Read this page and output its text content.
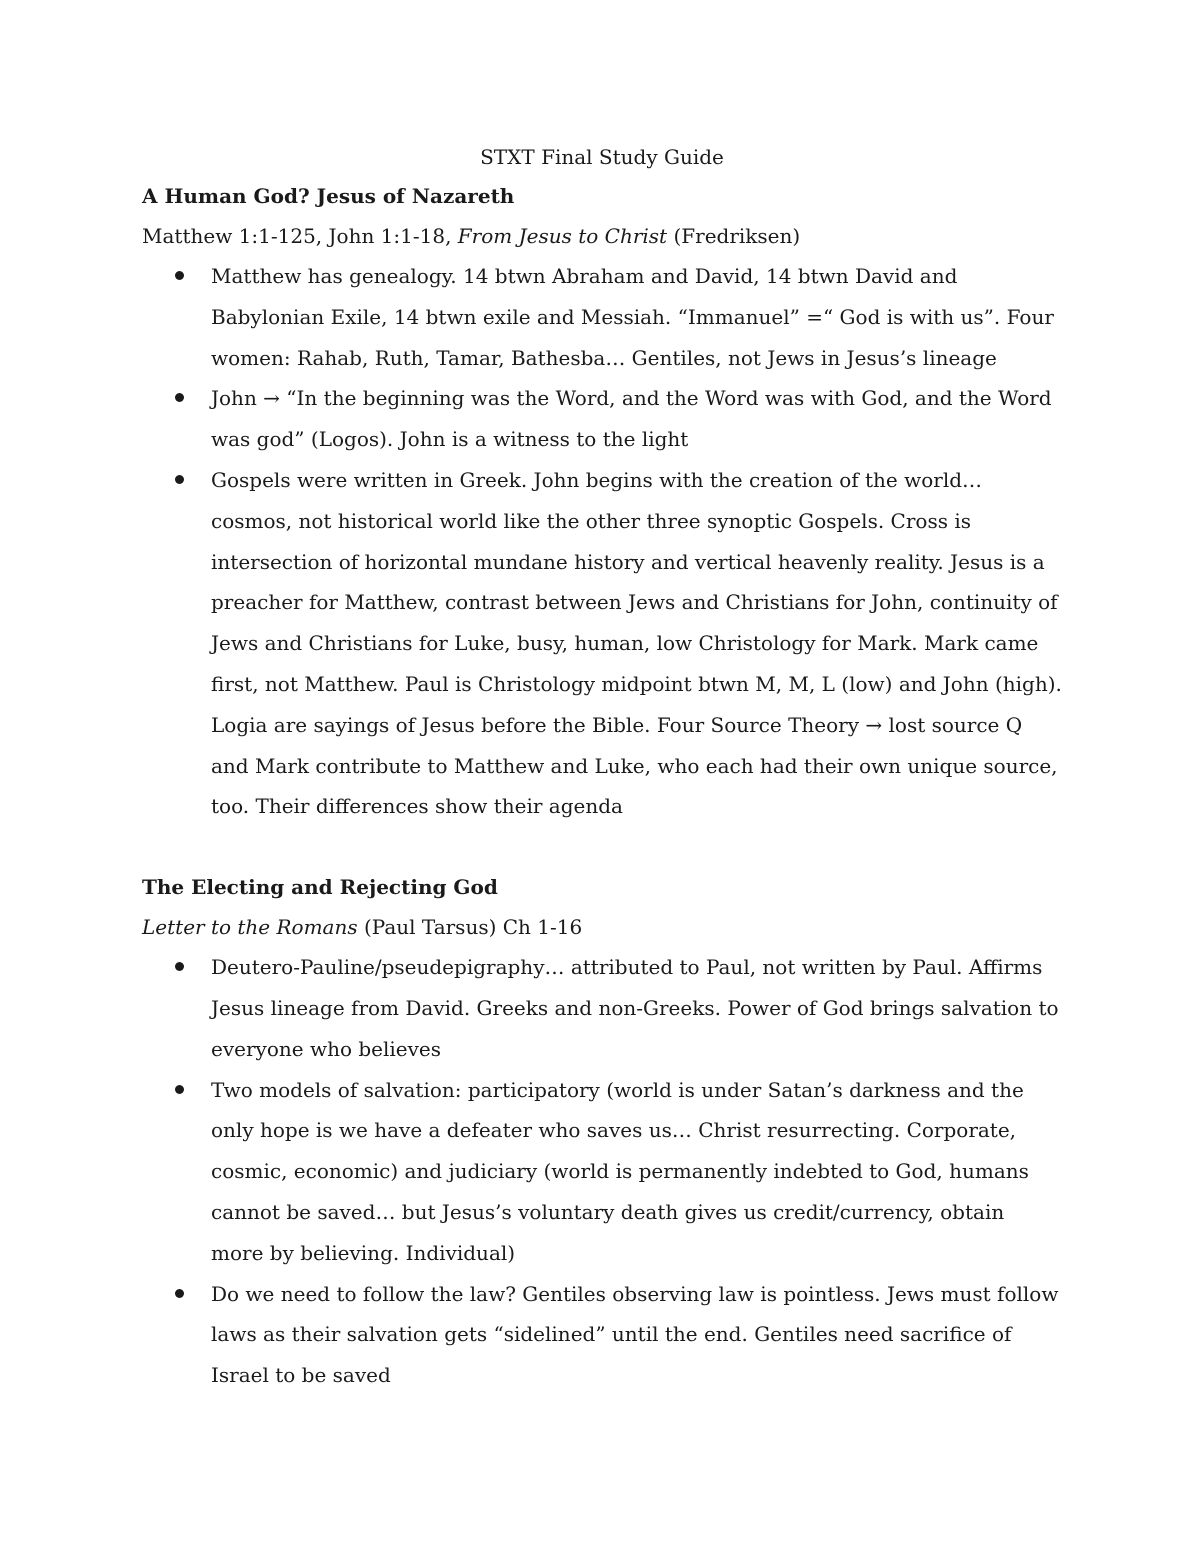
STXT Final Study Guide
A Human God? Jesus of Nazareth

Matthew 1:1-125, John 1:1-18, From Jesus to Christ (Fredriksen)

Matthew has genealogy. 14 btwn Abraham and David, 14 btwn David and Babylonian Exile, 14 btwn exile and Messiah. “Immanuel” =“ God is with us”. Four women: Rahab, Ruth, Tamar, Bathesba… Gentiles, not Jews in Jesus’s lineage
John → “In the beginning was the Word, and the Word was with God, and the Word was god” (Logos). John is a witness to the light
Gospels were written in Greek. John begins with the creation of the world… cosmos, not historical world like the other three synoptic Gospels. Cross is intersection of horizontal mundane history and vertical heavenly reality. Jesus is a preacher for Matthew, contrast between Jews and Christians for John, continuity of Jews and Christians for Luke, busy, human, low Christology for Mark. Mark came first, not Matthew. Paul is Christology midpoint btwn M, M, L (low) and John (high). Logia are sayings of Jesus before the Bible. Four Source Theory → lost source Q and Mark contribute to Matthew and Luke, who each had their own unique source, too. Their differences show their agenda
The Electing and Rejecting God

Letter to the Romans (Paul Tarsus) Ch 1-16

Deutero-Pauline/pseudepigraphy… attributed to Paul, not written by Paul. Affirms Jesus lineage from David. Greeks and non-Greeks. Power of God brings salvation to everyone who believes
Two models of salvation: participatory (world is under Satan’s darkness and the only hope is we have a defeater who saves us… Christ resurrecting. Corporate, cosmic, economic) and judiciary (world is permanently indebted to God, humans cannot be saved… but Jesus’s voluntary death gives us credit/currency, obtain more by believing. Individual)
Do we need to follow the law? Gentiles observing law is pointless. Jews must follow laws as their salvation gets “sidelined” until the end. Gentiles need sacrifice of Israel to be saved
